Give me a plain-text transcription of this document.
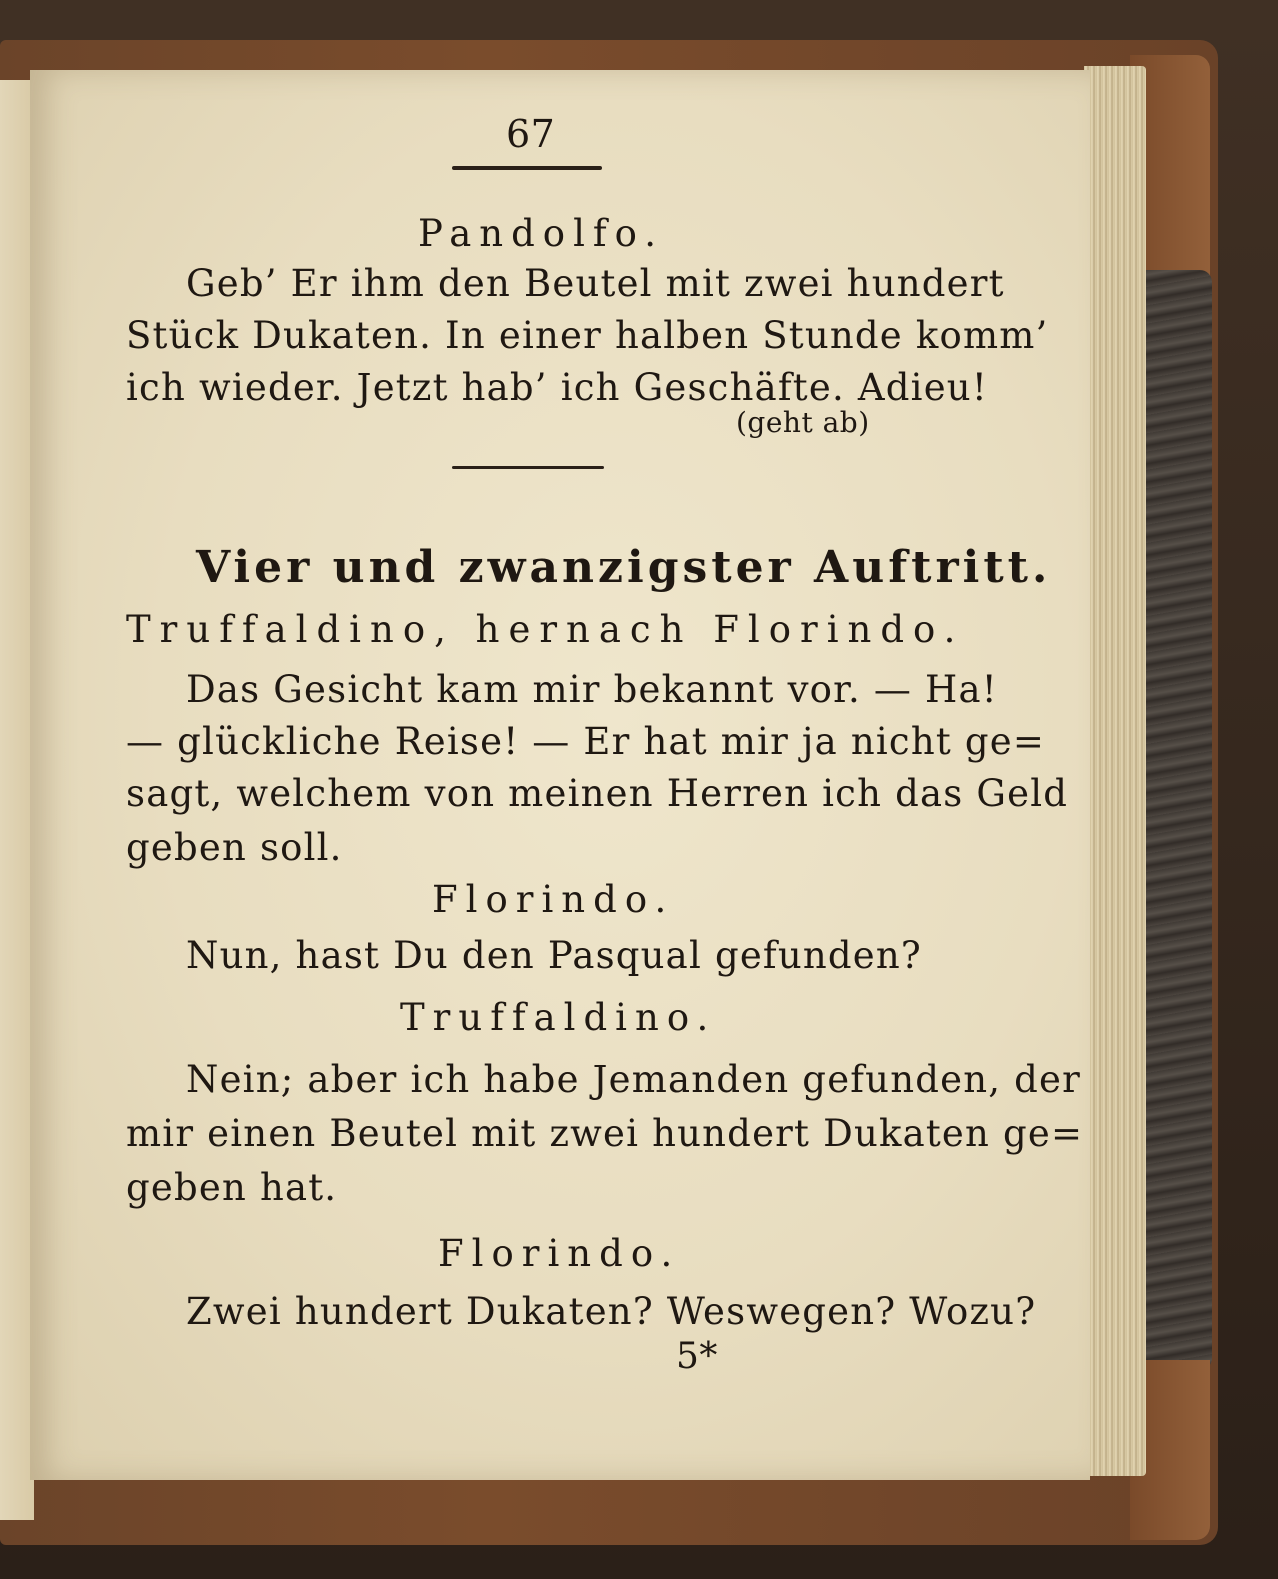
67
Pandolfo.
Geb’ Er ihm den Beutel mit zwei hundert
Stück Dukaten. In einer halben Stunde komm’
ich wieder. Jetzt hab’ ich Geschäfte. Adieu!
(geht ab)
Vier und zwanzigster Auftritt.
Truffaldino, hernach Florindo.
Das Gesicht kam mir bekannt vor. — Ha!
— glückliche Reise! — Er hat mir ja nicht ge=
sagt, welchem von meinen Herren ich das Geld
geben soll.
Florindo.
Nun, hast Du den Pasqual gefunden?
Truffaldino.
Nein; aber ich habe Jemanden gefunden, der
mir einen Beutel mit zwei hundert Dukaten ge=
geben hat.
Florindo.
Zwei hundert Dukaten? Weswegen? Wozu?
5*
